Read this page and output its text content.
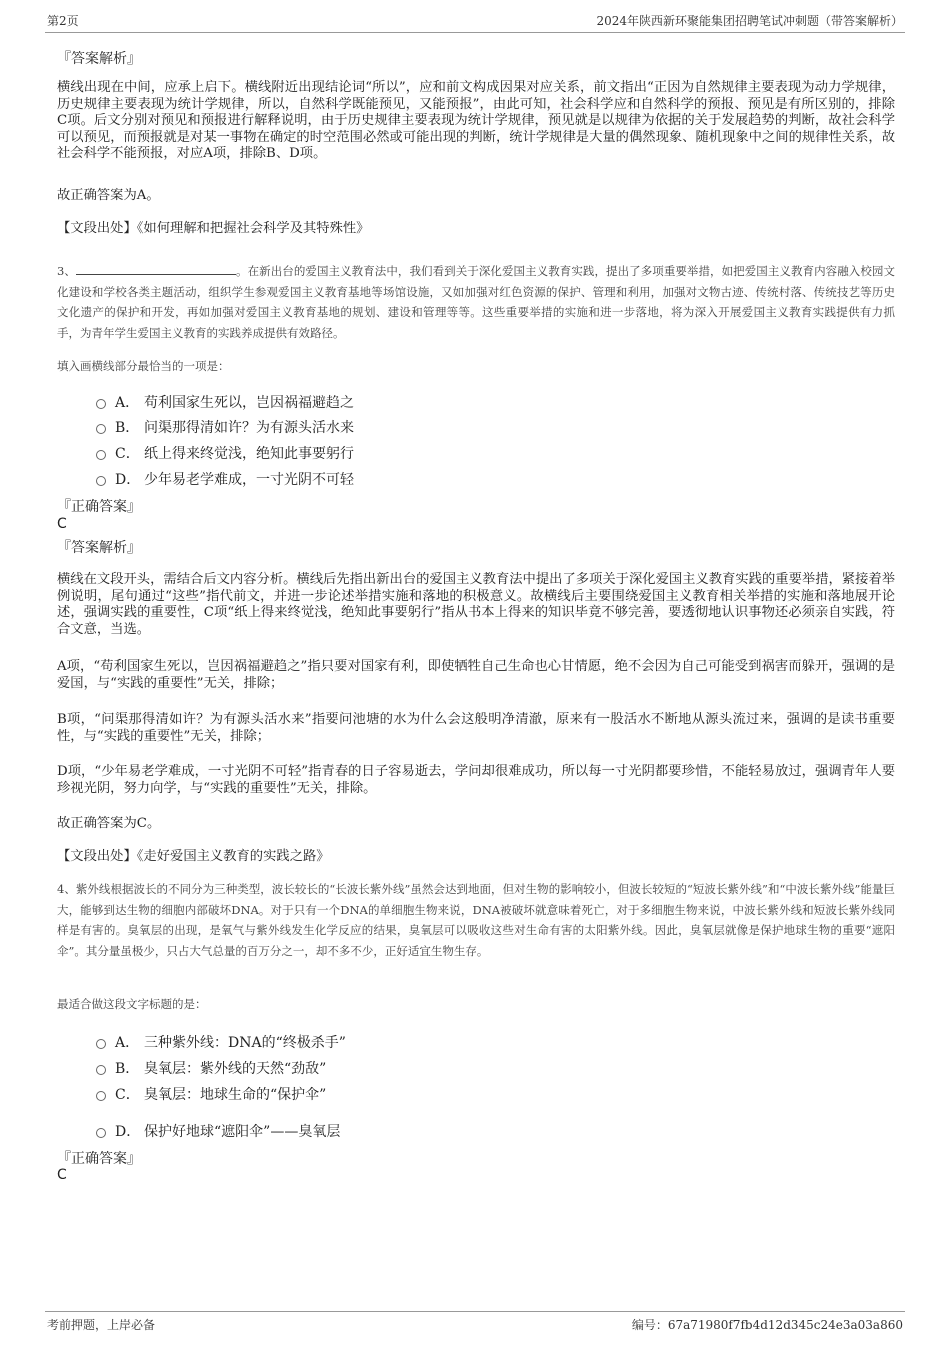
第2页	2024年陕西新环聚能集团招聘笔试冲刺题（带答案解析）
『答案解析』
横线出现在中间，应承上启下。横线附近出现结论词“所以”，应和前文构成因果对应关系，前文指出“正因为自然规律主要表现为动力学规律，历史规律主要表现为统计学规律，所以，自然科学既能预见，又能预报”，由此可知，社会科学应和自然科学的预报、预见是有所区别的，排除C项。后文分别对预见和预报进行解释说明，由于历史规律主要表现为统计学规律，预见就是以规律为依据的关于发展趋势的判断，故社会科学可以预见，而预报就是对某一事物在确定的时空范围必然或可能出现的判断，统计学规律是大量的偶然现象、随机现象中之间的规律性关系，故社会科学不能预报，对应A项，排除B、D项。
故正确答案为A。
【文段出处】《如何理解和把握社会科学及其特殊性》
3、	。在新出台的爱国主义教育法中，我们看到关于深化爱国主义教育实践，提出了多项重要举措，如把爱国主义教育内容融入校园文化建设和学校各类主题活动，组织学生参观爱国主义教育基地等场馆设施，又如加强对红色资源的保护、管理和利用，加强对文物古迹、传统村落、传统技艺等历史文化遗产的保护和开发，再如加强对爱国主义教育基地的规划、建设和管理等等。这些重要举措的实施和进一步落地，将为深入开展爱国主义教育实践提供有力抓手，为青年学生爱国主义教育的实践养成提供有效路径。
填入画横线部分最恰当的一项是：
A． 苟利国家生死以，岂因祸福避趋之
B． 问渠那得清如许？为有源头活水来
C． 纸上得来终觉浅，绝知此事要躬行
D． 少年易老学难成，一寸光阴不可轻
『正确答案』
C
『答案解析』
横线在文段开头，需结合后文内容分析。横线后先指出新出台的爱国主义教育法中提出了多项关于深化爱国主义教育实践的重要举措，紧接着举例说明，尾句通过“这些”指代前文，并进一步论述举措实施和落地的积极意义。故横线后主要围绕爱国主义教育相关举措的实施和落地展开论述，强调实践的重要性，C项“纸上得来终觉浅，绝知此事要躬行”指从书本上得来的知识毕竟不够完善，要透彻地认识事物还必须亲自实践，符合文意，当选。
A项，“苟利国家生死以，岂因祸福避趋之”指只要对国家有利，即使牺牲自己生命也心甘情愿，绝不会因为自己可能受到祸害而躲开，强调的是爱国，与“实践的重要性”无关，排除；
B项，“问渠那得清如许？为有源头活水来”指要问池塘的水为什么会这般明净清澈，原来有一股活水不断地从源头流过来，强调的是读书重要性，与“实践的重要性”无关，排除；
D项，“少年易老学难成，一寸光阴不可轻”指青春的日子容易逝去，学问却很难成功，所以每一寸光阴都要珍惜，不能轻易放过，强调青年人要珍视光阴，努力向学，与“实践的重要性”无关，排除。
故正确答案为C。
【文段出处】《走好爱国主义教育的实践之路》
4、紫外线根据波长的不同分为三种类型，波长较长的“长波长紫外线”虽然会达到地面，但对生物的影响较小，但波长较短的“短波长紫外线”和“中波长紫外线”能量巨大，能够到达生物的细胞内部破坏DNA。对于只有一个DNA的单细胞生物来说，DNA被破坏就意味着死亡，对于多细胞生物来说，中波长紫外线和短波长紫外线同样是有害的。臭氧层的出现，是氧气与紫外线发生化学反应的结果，臭氧层可以吸收这些对生命有害的太阳紫外线。因此，臭氧层就像是保护地球生物的重要“遮阳伞”。其分量虽极少，只占大气总量的百万分之一，却不多不少，正好适宜生物生存。
最适合做这段文字标题的是：
A． 三种紫外线：DNA的“终极杀手”
B． 臭氧层：紫外线的天然“劲敌”
C． 臭氧层：地球生命的“保护伞”
D． 保护好地球“遮阳伞”——臭氧层
『正确答案』
C
考前押题，上岸必备	编号：67a71980f7fb4d12d345c24e3a03a860
